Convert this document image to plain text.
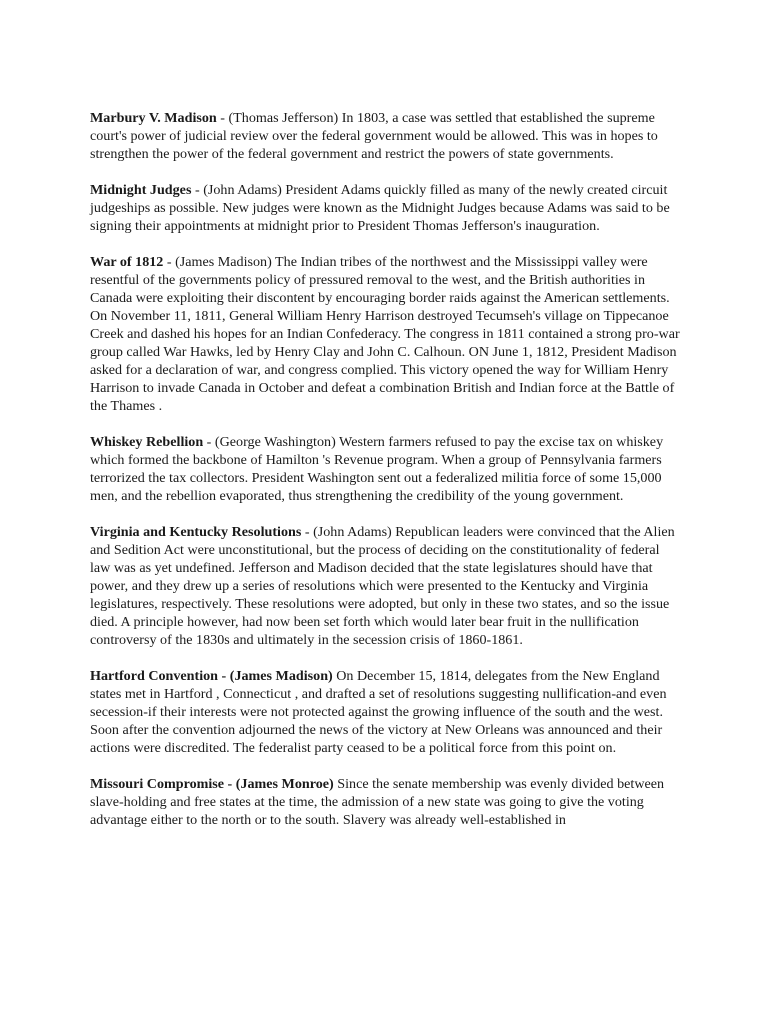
Marbury V. Madison - (Thomas Jefferson) In 1803, a case was settled that established the supreme court's power of judicial review over the federal government would be allowed. This was in hopes to strengthen the power of the federal government and restrict the powers of state governments.

Midnight Judges - (John Adams) President Adams quickly filled as many of the newly created circuit judgeships as possible. New judges were known as the Midnight Judges because Adams was said to be signing their appointments at midnight prior to President Thomas Jefferson's inauguration.

War of 1812 - (James Madison) The Indian tribes of the northwest and the Mississippi valley were resentful of the governments policy of pressured removal to the west, and the British authorities in Canada were exploiting their discontent by encouraging border raids against the American settlements. On November 11, 1811, General William Henry Harrison destroyed Tecumseh's village on Tippecanoe Creek and dashed his hopes for an Indian Confederacy. The congress in 1811 contained a strong pro-war group called War Hawks, led by Henry Clay and John C. Calhoun. ON June 1, 1812, President Madison asked for a declaration of war, and congress complied. This victory opened the way for William Henry Harrison to invade Canada in October and defeat a combination British and Indian force at the Battle of the Thames .

Whiskey Rebellion - (George Washington) Western farmers refused to pay the excise tax on whiskey which formed the backbone of Hamilton 's Revenue program. When a group of Pennsylvania farmers terrorized the tax collectors. President Washington sent out a federalized militia force of some 15,000 men, and the rebellion evaporated, thus strengthening the credibility of the young government.

Virginia and Kentucky Resolutions - (John Adams) Republican leaders were convinced that the Alien and Sedition Act were unconstitutional, but the process of deciding on the constitutionality of federal law was as yet undefined. Jefferson and Madison decided that the state legislatures should have that power, and they drew up a series of resolutions which were presented to the Kentucky and Virginia legislatures, respectively. These resolutions were adopted, but only in these two states, and so the issue died. A principle however, had now been set forth which would later bear fruit in the nullification controversy of the 1830s and ultimately in the secession crisis of 1860-1861.

Hartford Convention - (James Madison) On December 15, 1814, delegates from the New England states met in Hartford , Connecticut , and drafted a set of resolutions suggesting nullification-and even secession-if their interests were not protected against the growing influence of the south and the west. Soon after the convention adjourned the news of the victory at New Orleans was announced and their actions were discredited. The federalist party ceased to be a political force from this point on.

Missouri Compromise - (James Monroe) Since the senate membership was evenly divided between slave-holding and free states at the time, the admission of a new state was going to give the voting advantage either to the north or to the south. Slavery was already well-established in
